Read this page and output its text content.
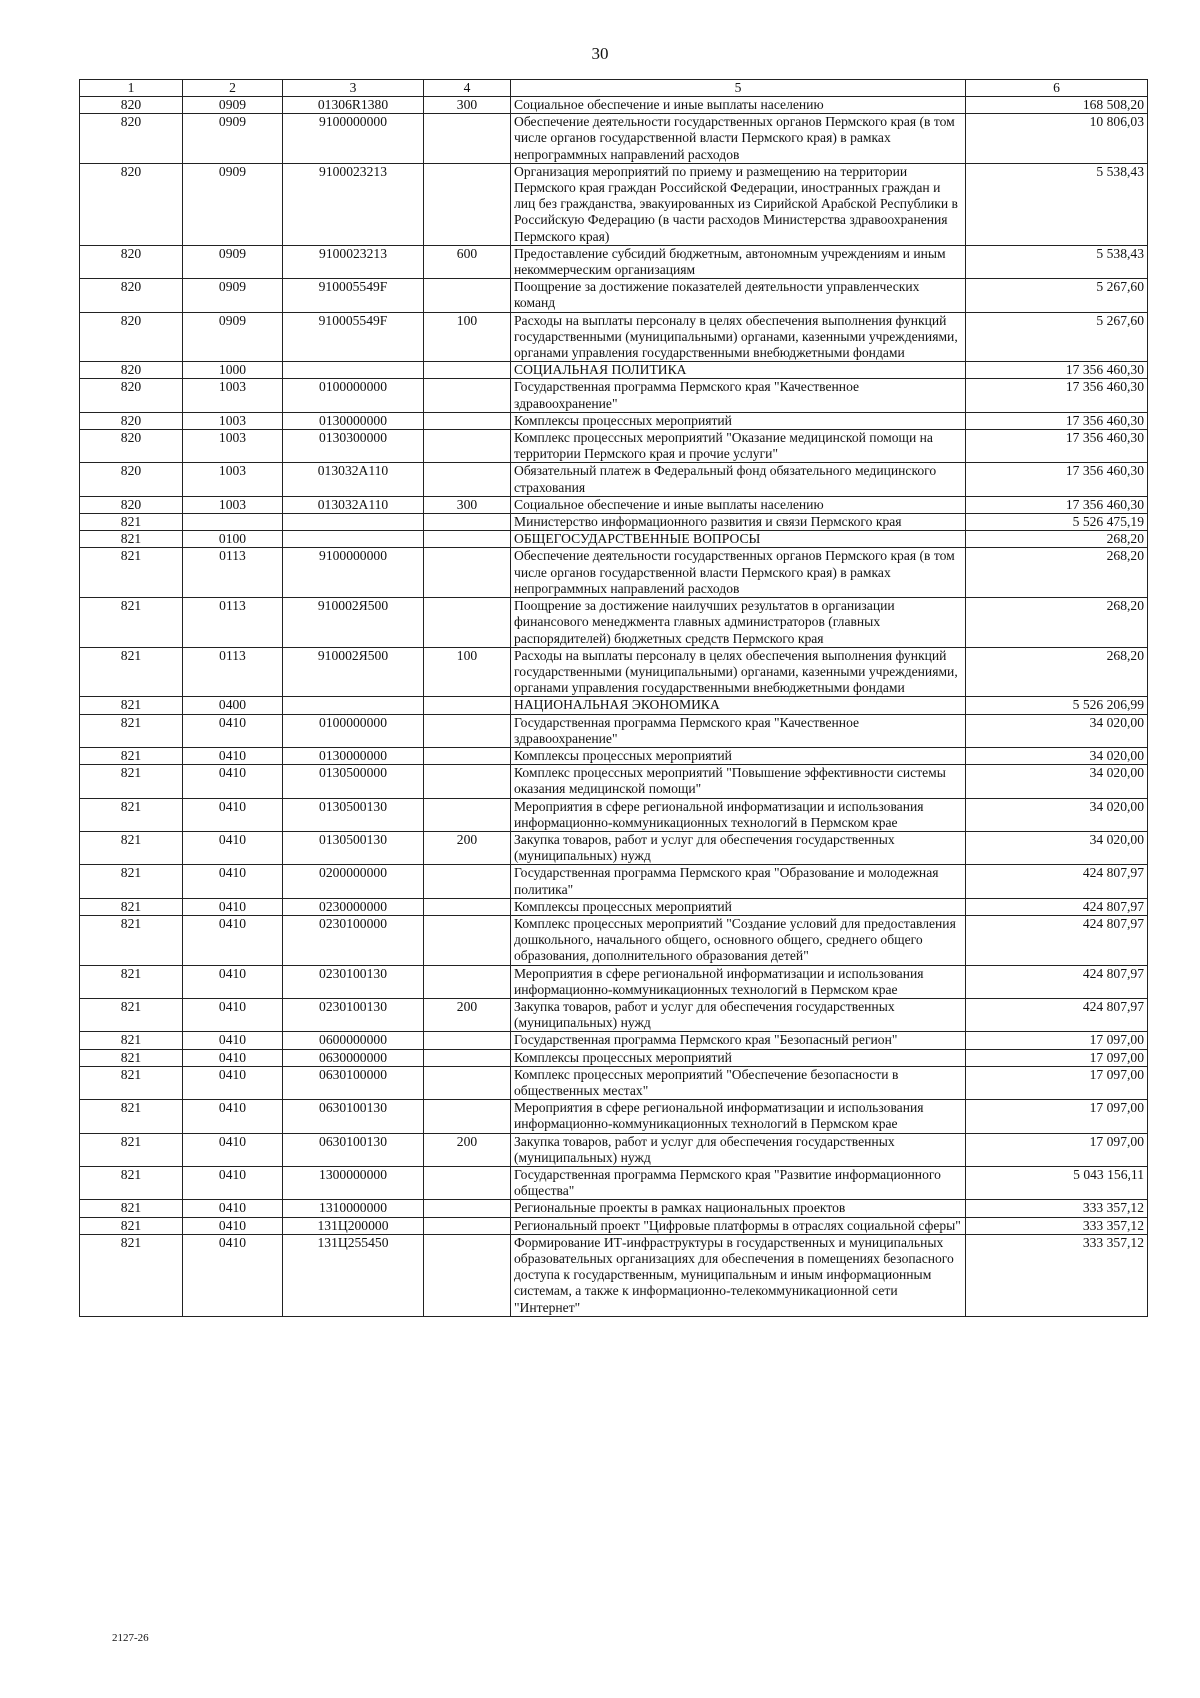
30
1	2	3	4	5	6
820	0909	01306R1380	300	Социальное обеспечение и иные выплаты населению	168 508,20
820	0909	9100000000		Обеспечение деятельности государственных органов Пермского края (в том числе органов государственной власти Пермского края) в рамках непрограммных направлений расходов	10 806,03
820	0909	9100023213		Организация мероприятий по приему и размещению на территории Пермского края граждан Российской Федерации, иностранных граждан и лиц без гражданства, эвакуированных из Сирийской Арабской Республики в Российскую Федерацию (в части расходов Министерства здравоохранения Пермского края)	5 538,43
820	0909	9100023213	600	Предоставление субсидий бюджетным, автономным учреждениям и иным некоммерческим организациям	5 538,43
820	0909	910005549F		Поощрение за достижение показателей деятельности управленческих команд	5 267,60
820	0909	910005549F	100	Расходы на выплаты персоналу в целях обеспечения выполнения функций государственными (муниципальными) органами, казенными учреждениями, органами управления государственными внебюджетными фондами	5 267,60
820	1000			СОЦИАЛЬНАЯ ПОЛИТИКА	17 356 460,30
820	1003	0100000000		Государственная программа Пермского края "Качественное здравоохранение"	17 356 460,30
820	1003	0130000000		Комплексы процессных мероприятий	17 356 460,30
820	1003	0130300000		Комплекс процессных мероприятий "Оказание медицинской помощи на территории Пермского края и прочие услуги"	17 356 460,30
820	1003	013032A110		Обязательный платеж в Федеральный фонд обязательного медицинского страхования	17 356 460,30
820	1003	013032A110	300	Социальное обеспечение и иные выплаты населению	17 356 460,30
821				Министерство информационного развития и связи Пермского края	5 526 475,19
821	0100			ОБЩЕГОСУДАРСТВЕННЫЕ ВОПРОСЫ	268,20
821	0113	9100000000		Обеспечение деятельности государственных органов Пермского края (в том числе органов государственной власти Пермского края) в рамках непрограммных направлений расходов	268,20
821	0113	910002Я500		Поощрение за достижение наилучших результатов в организации финансового менеджмента главных администраторов (главных распорядителей) бюджетных средств Пермского края	268,20
821	0113	910002Я500	100	Расходы на выплаты персоналу в целях обеспечения выполнения функций государственными (муниципальными) органами, казенными учреждениями, органами управления государственными внебюджетными фондами	268,20
821	0400			НАЦИОНАЛЬНАЯ ЭКОНОМИКА	5 526 206,99
821	0410	0100000000		Государственная программа Пермского края "Качественное здравоохранение"	34 020,00
821	0410	0130000000		Комплексы процессных мероприятий	34 020,00
821	0410	0130500000		Комплекс процессных мероприятий "Повышение эффективности системы оказания медицинской помощи"	34 020,00
821	0410	0130500130		Мероприятия в сфере региональной информатизации и использования информационно-коммуникационных технологий в Пермском крае	34 020,00
821	0410	0130500130	200	Закупка товаров, работ и услуг для обеспечения государственных (муниципальных) нужд	34 020,00
821	0410	0200000000		Государственная программа Пермского края "Образование и молодежная политика"	424 807,97
821	0410	0230000000		Комплексы процессных мероприятий	424 807,97
821	0410	0230100000		Комплекс процессных мероприятий "Создание условий для предоставления дошкольного, начального общего, основного общего, среднего общего образования, дополнительного образования детей"	424 807,97
821	0410	0230100130		Мероприятия в сфере региональной информатизации и использования информационно-коммуникационных технологий в Пермском крае	424 807,97
821	0410	0230100130	200	Закупка товаров, работ и услуг для обеспечения государственных (муниципальных) нужд	424 807,97
821	0410	0600000000		Государственная программа Пермского края "Безопасный регион"	17 097,00
821	0410	0630000000		Комплексы процессных мероприятий	17 097,00
821	0410	0630100000		Комплекс процессных мероприятий "Обеспечение безопасности в общественных местах"	17 097,00
821	0410	0630100130		Мероприятия в сфере региональной информатизации и использования информационно-коммуникационных технологий в Пермском крае	17 097,00
821	0410	0630100130	200	Закупка товаров, работ и услуг для обеспечения государственных (муниципальных) нужд	17 097,00
821	0410	1300000000		Государственная программа Пермского края "Развитие информационного общества"	5 043 156,11
821	0410	1310000000		Региональные проекты в рамках национальных проектов	333 357,12
821	0410	131Ц200000		Региональный проект "Цифровые платформы в отраслях социальной сферы"	333 357,12
821	0410	131Ц255450		Формирование ИТ-инфраструктуры в государственных и муниципальных образовательных организациях для обеспечения в помещениях безопасного доступа к государственным, муниципальным и иным информационным системам, а также к информационно-телекоммуникационной сети "Интернет"	333 357,12
2127-26
